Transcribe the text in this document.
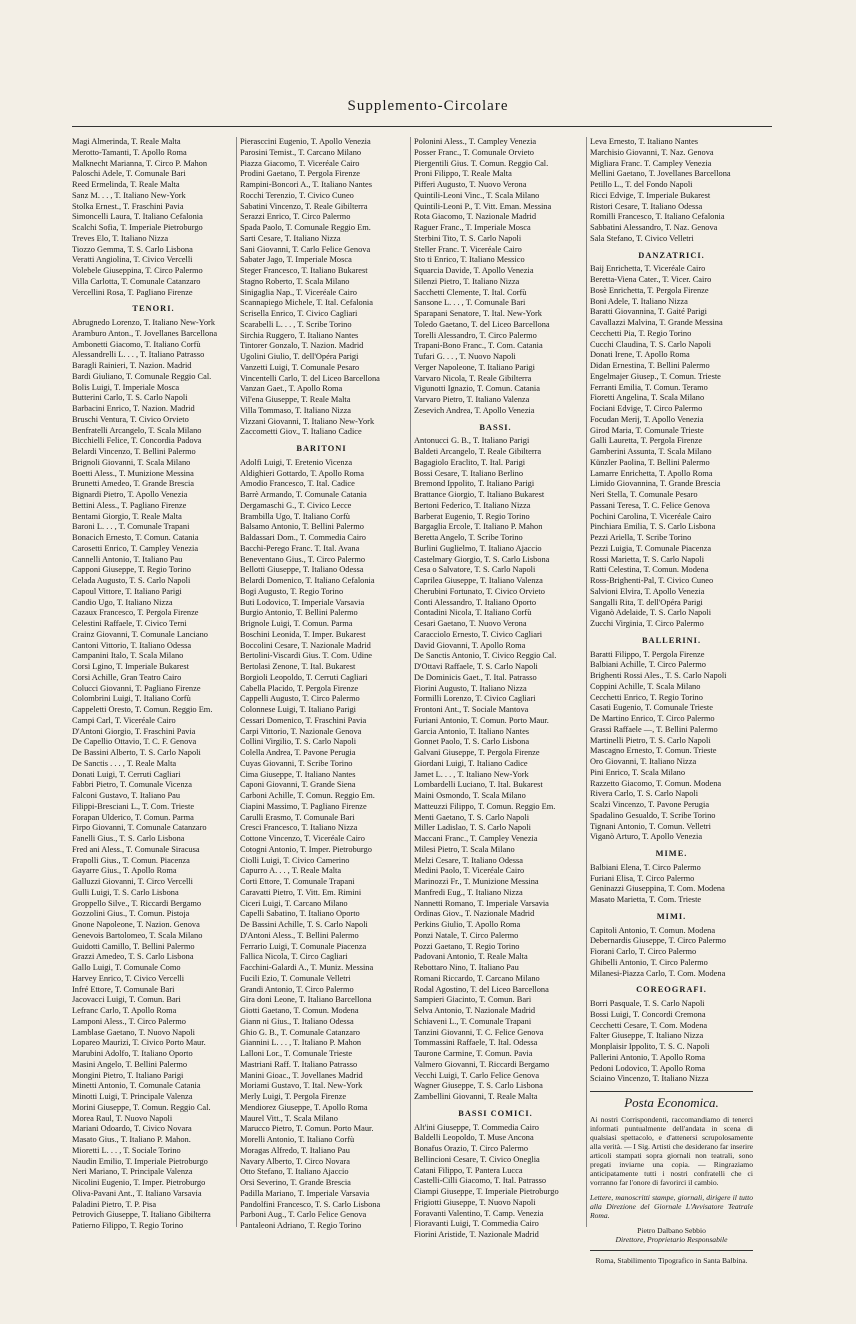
Supplemento-Circolare
Magi Almerinda, T. Reale Malta
Merotto-Tamanti, T. Apollo Roma
Malknecht Marianna, T. Circo P. Mahon
Paloschi Adele, T. Comunale Bari
Reed Ermelinda, T. Reale Malta
Sanz M. . . , T. Italiano New-York
Stolka Ernest., T. Fraschini Pavia
Simoncelli Laura, T. Italiano Cefalonia
Scalchi Sofia, T. Imperiale Pietroburgo
Treves Elo, T. Italiano Nizza
Tiozzo Gemma, T. S. Carlo Lisbona
Veratti Angiolina, T. Civico Vercelli
Volebele Giuseppina, T. Circo Palermo
Villa Carlotta, T. Comunale Catanzaro
Vercellini Rosa, T. Pagliano Firenze
TENORI.
Abrugnedo Lorenzo, T. Italiano New-York
Aramburo Anton., T. Jovellanes Barcellona
Ambonetti Giacomo, T. Italiano Corfù
Alessandrelli L. . . , T. Italiano Patrasso
Baragli Rainieri, T. Nazion. Madrid
Bardi Giuliano, T. Comunale Reggio Cal.
Bolis Luigi, T. Imperiale Mosca
Butterini Carlo, T. S. Carlo Napoli
Barbacini Enrico, T. Nazion. Madrid
Bruschi Ventura, T. Civico Orvieto
Benfratelli Arcangelo, T. Scala Milano
Bicchielli Felice, T. Concordia Padova
Belardi Vincenzo, T. Bellini Palermo
Brignoli Giovanni, T. Scala Milano
Boetti Aless., T. Munizione Messina
Brunetti Amedeo, T. Grande Brescia
Bignardi Pietro, T. Apollo Venezia
Bettini Aless., T. Pagliano Firenze
Bentami Giorgio, T. Reale Malta
Baroni L. . . , T. Comunale Trapani
Bonacich Ernesto, T. Comun. Catania
Carosetti Enrico, T. Campley Venezia
Cannelli Antonio, T. Italiano Pau
Capponi Giuseppe, T. Regio Torino
Celada Augusto, T. S. Carlo Napoli
Capoul Vittore, T. Italiano Parigi
Candio Ugo, T. Italiano Nizza
Cazaux Francesco, T. Pergola Firenze
Celestini Raffaele, T. Civico Terni
Crainz Giovanni, T. Comunale Lanciano
Cantoni Vittorio, T. Italiano Odessa
Campanini Italo, T. Scala Milano
Corsi Lgino, T. Imperiale Bukarest
Corsi Achille, Gran Teatro Cairo
Colucci Giovanni, T. Pagliano Firenze
Colombrini Luigi, T. Italiano Corfù
Cappeletti Oresto, T. Comun. Reggio Em.
Campi Carl, T. Viceréale Cairo
D'Antoni Giorgio, T. Fraschini Pavia
De Capellio Ottavio, T. C. F. Genova
De Bassini Alberto, T. S. Carlo Napoli
De Sanctis . . . , T. Reale Malta
Donati Luigi, T. Cerruti Cagliari
Fabbri Pietro, T. Comunale Vicenza
Falconi Gustavo, T. Italiano Pau
Filippi-Bresciani L., T. Com. Trieste
Forapan Ulderico, T. Comun. Parma
Firpo Giovanni, T. Comunale Catanzaro
Fanelli Gius., T. S. Carlo Lisbona
Fred ani Aless., T. Comunale Siracusa
Frapolli Gius., T. Comun. Piacenza
Gayarre Gius., T. Apollo Roma
Galluzzi Giovanni, T. Circo Vercelli
Gulli Luigi, T. S. Carlo Lisbona
Groppello Silve., T. Riccardi Bergamo
Gozzolini Gius., T. Comun. Pistoja
Gnone Napoleone, T. Nazion. Genova
Genevois Bartolomeo, T. Scala Milano
Guidotti Camillo, T. Bellini Palermo
Grazzi Amedeo, T. S. Carlo Lisbona
Gallo Luigi, T. Comunale Como
Harvey Enrico, T. Civico Vercelli
Infré Ettore, T. Comunale Bari
Jacovacci Luigi, T. Comun. Bari
Lefranc Carlo, T. Apollo Roma
Lamponi Aless., T. Circo Palermo
Lamblase Gaetano, T. Nuovo Napoli
Lopareo Maurizi, T. Civico Porto Maur.
Marubini Adolfo, T. Italiano Oporto
Masini Angelo, T. Bellini Palermo
Mongini Pietro, T. Italiano Parigi
Minetti Antonio, T. Comunale Catania
Minotti Luigi, T. Principale Valenza
Morini Giuseppe, T. Comun. Reggio Cal.
Morea Raul, T. Nuovo Napoli
Mariani Odoardo, T. Civico Novara
Masato Gius., T. Italiano P. Mahon.
Mioretti L. . . , T. Sociale Torino
Naudin Emilio, T. Imperiale Pietroburgo
Neri Mariano, T. Principale Valenza
Nicolini Eugenio, T. Imper. Pietroburgo
Oliva-Pavani Ant., T. Italiano Varsavia
Paladini Pietro, T. P. Pisa
Petrovich Giuseppe, T. Italiano Gibilterra
Patierno Filippo, T. Regio Torino
Pierasccini Eugenio, T. Apollo Venezia
Parosini Temist., T. Carcano Milano
Piazza Giacomo, T. Viceréale Cairo
Prodini Gaetano, T. Pergola Firenze
Rampini-Boncori A., T. Italiano Nantes
Rocchi Terenzio, T. Civico Cuneo
Sabatini Vincenzo, T. Reale Gibilterra
Serazzi Enrico, T. Circo Palermo
Spada Paolo, T. Comunale Reggio Em.
Sarti Cesare, T. Italiano Nizza
Sani Giovanni, T. Carlo Felice Genova
Sabater Jago, T. Imperiale Mosca
Steger Francesco, T. Italiano Bukarest
Stagno Roberto, T. Scala Milano
Sinigaglia Nap., T. Viceréale Cairo
Scannapiego Michele, T. Ital. Cefalonia
Scrisella Enrico, T. Civico Cagliari
Scarabelli L. . . , T. Scribe Torino
Sirchia Ruggero, T. Italiano Nantes
Tintorer Gonzalo, T. Nazion. Madrid
Ugolini Giulio, T. dell'Opéra Parigi
Vanzetti Luigi, T. Comunale Pesaro
Vincentelli Carlo, T. del Liceo Barcellona
Vanzan Gaet., T. Apollo Roma
Vil'ena Giuseppe, T. Reale Malta
Villa Tommaso, T. Italiano Nizza
Vizzani Giovanni, T. Italiano New-York
Zaccometti Giov., T. Italiano Cadice
BARITONI
Adolfi Luigi, T. Eretenio Vicenza
Aldighieri Gottardo, T. Apollo Roma
Amodio Francesco, T. Ital. Cadice
Barrè Armando, T. Comunale Catania
Dergamaschi G., T. Civico Lecce
Brambilla Ugo, T. Italiano Corfù
Balsamo Antonio, T. Bellini Palermo
Baldassari Dom., T. Commedia Cairo
Bacchi-Perego Franc. T. Ital. Avana
Beneventano Gius., T. Circo Palermo
Bellotti Giuseppe, T. Italiano Odessa
Belardi Domenico, T. Italiano Cefalonia
Bogi Augusto, T. Regio Torino
Buti Lodovico, T. Imperiale Varsavia
Burgio Antonio, T. Bellini Palermo
Brignole Luigi, T. Comun. Parma
Boschini Leonida, T. Imper. Bukarest
Boccolini Cesare, T. Nazionale Madrid
Bertolini-Viscardi Gius. T. Com. Udine
Bertolasi Zenone, T. Ital. Bukarest
Borgioli Leopoldo, T. Cerruti Cagliari
Cabella Placido, T. Pergola Firenze
Cappelli Augusto, T. Circo Palermo
Colonnese Luigi, T. Italiano Parigi
Cessari Domenico, T. Fraschini Pavia
Carpi Vittorio, T. Nazionale Genova
Collini Virgilio, T. S. Carlo Napoli
Colella Andrea, T. Pavone Perugia
Cuyas Giovanni, T. Scribe Torino
Cima Giuseppe, T. Italiano Nantes
Caponi Giovanni, T. Grande Siena
Carboni Achille, T. Comun. Reggio Em.
Ciapini Massimo, T. Pagliano Firenze
Carulli Erasmo, T. Comunale Bari
Cresci Francesco, T. Italiano Nizza
Cottone Vincenzo, T. Viceréale Cairo
Cotogni Antonio, T. Imper. Pietroburgo
Ciolli Luigi, T. Civico Camerino
Capurro A. . . , T. Reale Malta
Corti Ettore, T. Comunale Trapani
Caravatti Pietro, T. Vitt. Em. Rimini
Ciceri Luigi, T. Carcano Milano
Capelli Sabatino, T. Italiano Oporto
De Bassini Achille, T. S. Carlo Napoli
D'Antoni Aless., T. Bellini Palermo
Ferrario Luigi, T. Comunale Piacenza
Fallica Nicola, T. Circo Cagliari
Facchini-Galardi A., T. Muniz. Messina
Fucili Ezio, T. Comunale Velletri
Grandi Antonio, T. Circo Palermo
Gira doni Leone, T. Italiano Barcellona
Giotti Gaetano, T. Comun. Modena
Giann ni Gius., T. Italiano Odessa
Ghio G. B., T. Comunale Catanzaro
Giannini L. . . , T. Italiano P. Mahon
Lalloni Lor., T. Comunale Trieste
Mastriani Raff. T. Italiano Patrasso
Manini Gioac., T. Jovellanes Madrid
Moriami Gustavo, T. Ital. New-York
Merly Luigi, T. Pergola Firenze
Mendiorez Giuseppe, T. Apollo Roma
Maurel Vitt., T. Scala Milano
Marucco Pietro, T. Comun. Porto Maur.
Morelli Antonio, T. Italiano Corfù
Moragas Alfredo, T. Italiano Pau
Navary Alberto, T. Circo Novara
Otto Stefano, T. Italiano Ajaccio
Orsi Severino, T. Grande Brescia
Padilla Mariano, T. Imperiale Varsavia
Pandolfini Francesco, T. S. Carlo Lisbona
Parboni Aug., T. Carlo Felice Genova
Pantaleoni Adriano, T. Regio Torino
Polonini Aless., T. Campley Venezia
Posser Franc., T. Comunale Orvieto
Piergentili Gius. T. Comun. Reggio Cal.
Proni Filippo, T. Reale Malta
Pifferi Augusto, T. Nuovo Verona
Quintili-Leoni Vinc., T. Scala Milano
Quintili-Leoni P., T. Vitt. Eman. Messina
Rota Giacomo, T. Nazionale Madrid
Raguer Franc., T. Imperiale Mosca
Sterbini Tito, T. S. Carlo Napoli
Steller Franc. T. Viceréale Cairo
Sto ti Enrico, T. Italiano Messico
Squarcia Davide, T. Apollo Venezia
Silenzi Pietro, T. Italiano Nizza
Sacchetti Clemente, T. Ital. Corfù
Sansone L. . . , T. Comunale Bari
Sparapani Senatore, T. Ital. New-York
Toledo Gaetano, T. del Liceo Barcellona
Torelli Alessandro, T. Circo Palermo
Trapani-Bono Franc., T. Com. Catania
Tufari G. . . , T. Nuovo Napoli
Verger Napoleone, T. Italiano Parigi
Varvaro Nicola, T. Reale Gibilterra
Vigunotti Ignazio, T. Comun. Catania
Varvaro Pietro, T. Italiano Valenza
Zesevich Andrea, T. Apollo Venezia
BASSI.
Antonucci G. B., T. Italiano Parigi
Baldeti Arcangelo, T. Reale Gibilterra
Bagagiolo Eraclito, T. Ital. Parigi
Bossi Cesare, T. Italiano Berlino
Bremond Ippolito, T. Italiano Parigi
Brattance Giorgio, T. Italiano Bukarest
Bertoni Federico, T. Italiano Nizza
Barberat Eugenio, T. Regio Torino
Bargaglia Ercole, T. Italiano P. Mahon
Beretta Angelo, T. Scribe Torino
Burlini Guglielmo, T. Italiano Ajaccio
Castelmary Giorgio, T. S. Carlo Lisbona
Cesa o Salvatore, T. S. Carlo Napoli
Caprilea Giuseppe, T. Italiano Valenza
Cherubini Fortunato, T. Civico Orvieto
Conti Alessandro, T. Italiano Oporto
Contadini Nicola, T. Italiano Corfù
Cesari Gaetano, T. Nuovo Verona
Caracciolo Ernesto, T. Civico Cagliari
David Giovanni, T. Apollo Roma
De Sanctis Antonio, T. Civico Reggio Cal.
D'Ottavi Raffaele, T. S. Carlo Napoli
De Dominicis Gaet., T. Ital. Patrasso
Fiorini Augusto, T. Italiano Nizza
Formilli Lorenzo, T. Civico Cagliari
Frontoni Ant., T. Sociale Mantova
Furiani Antonio, T. Comun. Porto Maur.
Garcia Antonio, T. Italiano Nantes
Gonnet Paolo, T. S. Carlo Lisbona
Galvani Giuseppe, T. Pergola Firenze
Giordani Luigi, T. Italiano Cadice
Jamet L. . . , T. Italiano New-York
Lombardelli Luciano, T. Ital. Bukarest
Maini Osmondo, T. Scala Milano
Matteuzzi Filippo, T. Comun. Reggio Em.
Menti Gaetano, T. S. Carlo Napoli
Miller Ladislao, T. S. Carlo Napoli
Maccani Franc., T. Campley Venezia
Milesi Pietro, T. Scala Milano
Melzi Cesare, T. Italiano Odessa
Medini Paolo, T. Viceréale Cairo
Marinozzi Fr., T. Munizione Messina
Manfredi Eug., T. Italiano Nizza
Nannetti Romano, T. Imperiale Varsavia
Ordinas Giov., T. Nazionale Madrid
Perkins Giulio, T. Apollo Roma
Ponzi Natale, T. Circo Palermo
Pozzi Gaetano, T. Regio Torino
Padovani Antonio, T. Reale Malta
Rebottaro Nino, T. Italiano Pau
Romani Riccardo, T. Carcano Milano
Rodal Agostino, T. del Liceo Barcellona
Sampieri Giacinto, T. Comun. Bari
Selva Antonio, T. Nazionale Madrid
Schiaveni L., T. Comunale Trapani
Tanzini Giovanni, T. C. Felice Genova
Tommassini Raffaele, T. Ital. Odessa
Taurone Carmine, T. Comun. Pavia
Valmero Giovanni, T. Riccardi Bergamo
Vecchi Luigi, T. Carlo Felice Genova
Wagner Giuseppe, T. S. Carlo Lisbona
Zambellini Giovanni, T. Reale Malta
BASSI COMICI.
Alt'ini Giuseppe, T. Commedia Cairo
Baldelli Leopoldo, T. Muse Ancona
Bonafus Orazio, T. Circo Palermo
Bellincioni Cesare, T. Civico Oneglia
Catani Filippo, T. Pantera Lucca
Castelli-Cilli Giacomo, T. Ital. Patrasso
Ciampi Giuseppe, T. Imperiale Pietroburgo
Frigiotti Giuseppe, T. Nuovo Napoli
Foravanti Valentino, T. Camp. Venezia
Fioravanti Luigi, T. Commedia Cairo
Fiorini Aristide, T. Nazionale Madrid
Leva Ernesto, T. Italiano Nantes
Marchisio Giovanni, T. Naz. Genova
Migliara Franc. T. Campley Venezia
Mellini Gaetano, T. Jovellanes Barcellona
Petillo L., T. del Fondo Napoli
Ricci Edvige, T. Imperiale Bukarest
Ristori Cesare, T. Italiano Odessa
Romilli Francesco, T. Italiano Cefalonia
Sabbatini Alessandro, T. Naz. Genova
Sala Stefano, T. Civico Velletri
DANZATRICI.
Baij Enrichetta, T. Viceréale Cairo
Beretta-Viena Cater., T. Vicer. Cairo
Bosè Enrichetta, T. Pergola Firenze
Boni Adele, T. Italiano Nizza
Baratti Giovannina, T. Gaité Parigi
Cavallazzi Malvina, T. Grande Messina
Cecchetti Pia, T. Regio Torino
Cucchi Claudina, T. S. Carlo Napoli
Donati Irene, T. Apollo Roma
Didan Ernestina, T. Bellini Palermo
Engelmajer Giusep., T. Comun. Trieste
Ferranti Emilia, T. Comun. Teramo
Fioretti Angelina, T. Scala Milano
Fociani Edvige, T. Circo Palermo
Focudan Merij, T. Apollo Venezia
Girod Maria, T. Comunale Trieste
Galli Lauretta, T. Pergola Firenze
Gamberini Assunta, T. Scala Milano
Künzler Paolina, T. Bellini Palermo
Lamarre Enrichetta, T. Apollo Roma
Limido Giovannina, T. Grande Brescia
Neri Stella, T. Comunale Pesaro
Passani Teresa, T. C. Felice Genova
Pochini Carolina, T. Viceréale Cairo
Pinchiara Emilia, T. S. Carlo Lisbona
Pezzi Ariella, T. Scribe Torino
Pezzi Luigia, T. Comunale Piacenza
Rossi Marietta, T. S. Carlo Napoli
Ratti Celestina, T. Comun. Modena
Ross-Brighenti-Pal, T. Civico Cuneo
Salvioni Elvira, T. Apollo Venezia
Sangalli Rita, T. dell'Opéra Parigi
Viganò Adelaide, T. S. Carlo Napoli
Zucchi Virginia, T. Circo Palermo
BALLERINI.
Baratti Filippo, T. Pergola Firenze
Balbiani Achille, T. Circo Palermo
Brighenti Rossi Ales., T. S. Carlo Napoli
Coppini Achille, T. Scala Milano
Cecchetti Enrico, T. Regio Torino
Casati Eugenio, T. Comunale Trieste
De Martino Enrico, T. Circo Palermo
Grassi Raffaele —, T. Bellini Palermo
Martinelli Pietro, T. S. Carlo Napoli
Mascagno Ernesto, T. Comun. Trieste
Oro Giovanni, T. Italiano Nizza
Pini Enrico, T. Scala Milano
Razzetto Giacomo, T. Comun. Modena
Rivera Carlo, T. S. Carlo Napoli
Scalzi Vincenzo, T. Pavone Perugia
Spadalino Gesualdo, T. Scribe Torino
Tignani Antonio, T. Comun. Velletri
Viganò Arturo, T. Apollo Venezia
MIME.
Balbiani Elena, T. Circo Palermo
Furiani Elisa, T. Circo Palermo
Geninazzi Giuseppina, T. Com. Modena
Masato Marietta, T. Com. Trieste
MIMI.
Capitoli Antonio, T. Comun. Modena
Debernardis Giuseppe, T. Circo Palermo
Fiorani Carlo, T. Circo Palermo
Ghibelli Antonio, T. Circo Palermo
Milanesi-Piazza Carlo, T. Com. Modena
COREOGRAFI.
Borri Pasquale, T. S. Carlo Napoli
Bossi Luigi, T. Concordi Cremona
Cecchetti Cesare, T. Com. Modena
Falter Giuseppe, T. Italiano Nizza
Monplaisir Ippolito, T. S. C. Napoli
Pallerini Antonio, T. Apollo Roma
Pedoni Lodovico, T. Apollo Roma
Sciaino Vincenzo, T. Italiano Nizza
Posta Economica.
Ai nostri Corrispondenti, raccomandiamo di tenerci informati puntualmente dell'andata in scena di qualsiasi spettacolo, e d'attenersi scrupolosamente alla verità. — I Sig. Artisti che desiderano far inserire articoli stampati sopra giornali non teatrali, sono pregati inviarne una copia. — Ringraziamo anticipatamente tutti i nostri confratelli che ci vorranno far l'onore di favorirci il cambio.
Lettere, manoscritti stampe, giornali, dirigere il tutto alla Direzione del Giornale L'Avvisatore Teatrale Roma.
Pietro Dalbano Sebbio
Direttore, Proprietario Responsabile
Roma, Stabilimento Tipografico in Santa Balbina.
